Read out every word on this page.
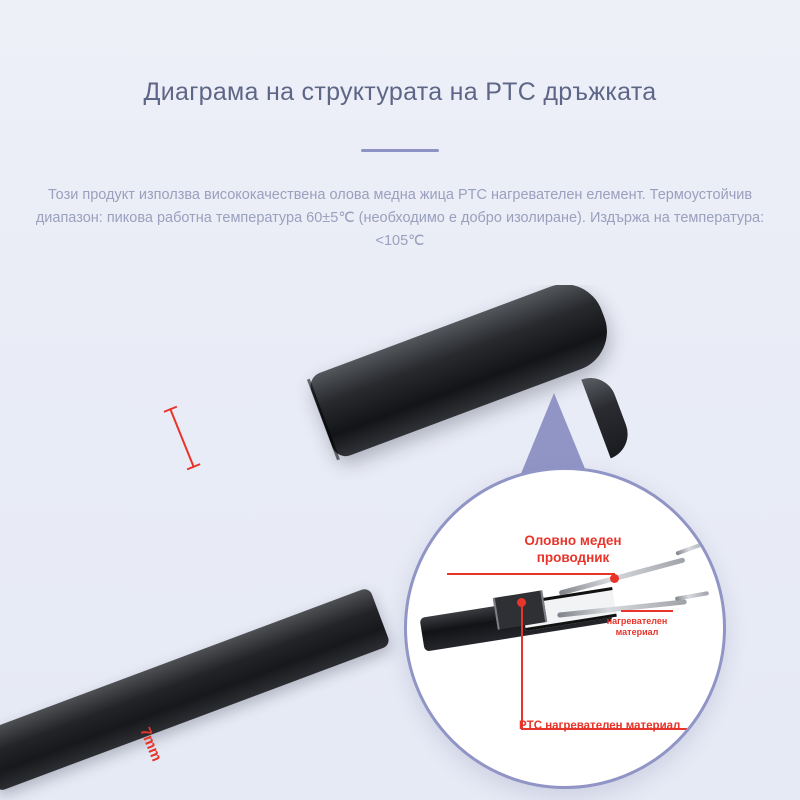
Диаграма на структурата на PTC дръжката

Този продукт използва висококачествена олова медна жица PTC нагревателен елемент. Термоустойчив диапазон: пикова работна температура 60±5℃ (необходимо е добро изолиране). Издържа на температура: <105℃

7mm
Оловно меден проводник
нагревателен материал
PTC нагревателен материал
